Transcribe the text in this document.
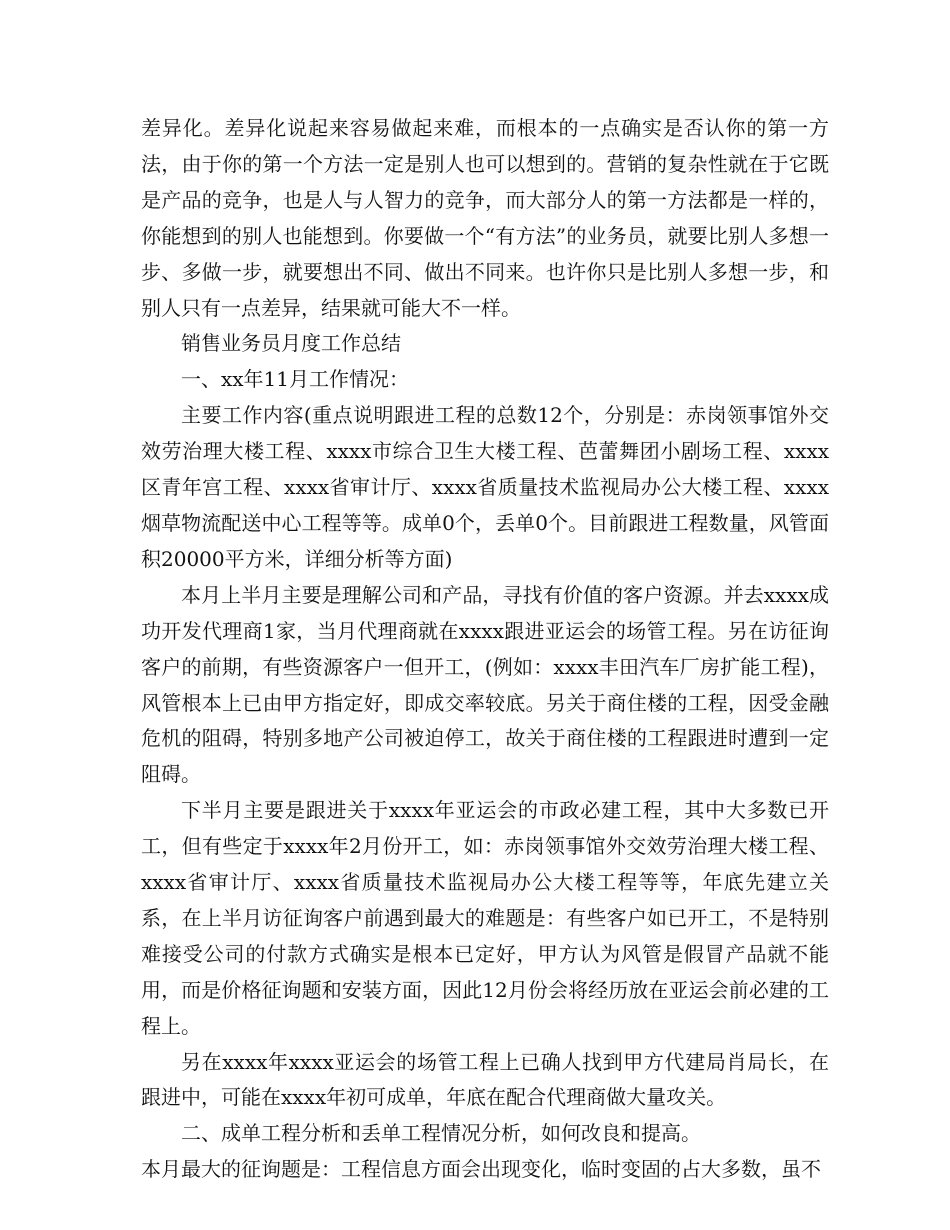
差异化。差异化说起来容易做起来难，而根本的一点确实是否认你的第一方法，由于你的第一个方法一定是别人也可以想到的。营销的复杂性就在于它既是产品的竞争，也是人与人智力的竞争，而大部分人的第一方法都是一样的，你能想到的别人也能想到。你要做一个“有方法”的业务员，就要比别人多想一步、多做一步，就要想出不同、做出不同来。也许你只是比别人多想一步，和别人只有一点差异，结果就可能大不一样。

销售业务员月度工作总结

一、xx年11月工作情况：

主要工作内容(重点说明跟进工程的总数12个，分别是：赤岗领事馆外交效劳治理大楼工程、xxxx市综合卫生大楼工程、芭蕾舞团小剧场工程、xxxx区青年宫工程、xxxx省审计厅、xxxx省质量技术监视局办公大楼工程、xxxx烟草物流配送中心工程等等。成单0个，丢单0个。目前跟进工程数量，风管面积20000平方米，详细分析等方面)

本月上半月主要是理解公司和产品，寻找有价值的客户资源。并去xxxx成功开发代理商1家，当月代理商就在xxxx跟进亚运会的场管工程。另在访征询客户的前期，有些资源客户一但开工，(例如：xxxx丰田汽车厂房扩能工程)，风管根本上已由甲方指定好，即成交率较底。另关于商住楼的工程，因受金融危机的阻碍，特别多地产公司被迫停工，故关于商住楼的工程跟进时遭到一定阻碍。

下半月主要是跟进关于xxxx年亚运会的市政必建工程，其中大多数已开工，但有些定于xxxx年2月份开工，如：赤岗领事馆外交效劳治理大楼工程、xxxx省审计厅、xxxx省质量技术监视局办公大楼工程等等，年底先建立关系，在上半月访征询客户前遇到最大的难题是：有些客户如已开工，不是特别难接受公司的付款方式确实是根本已定好，甲方认为风管是假冒产品就不能用，而是价格征询题和安装方面，因此12月份会将经历放在亚运会前必建的工程上。

另在xxxx年xxxx亚运会的场管工程上已确人找到甲方代建局肖局长，在跟进中，可能在xxxx年初可成单，年底在配合代理商做大量攻关。

二、成单工程分析和丢单工程情况分析，如何改良和提高。

本月最大的征询题是：工程信息方面会出现变化，临时变固的占大多数，虽不
